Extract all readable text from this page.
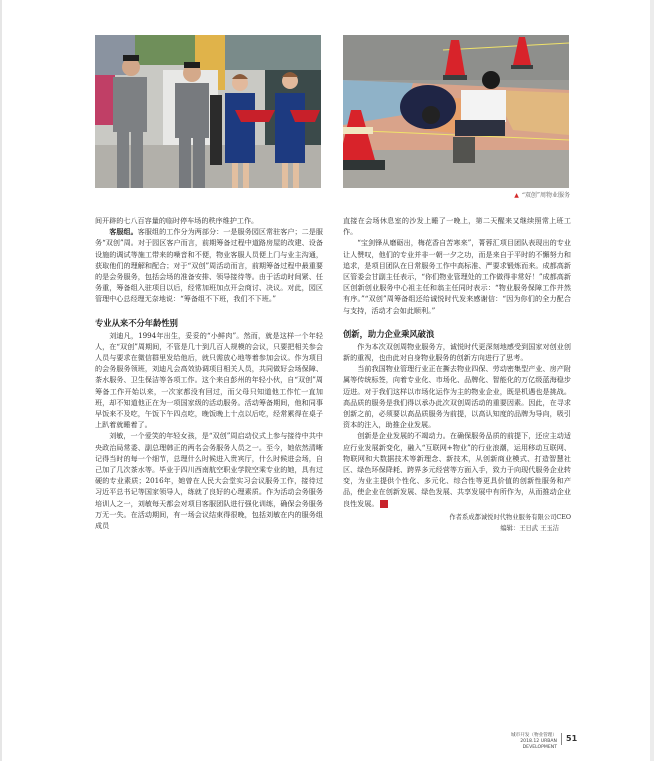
▲ “双创”周物业服务

间开辟的七八百容量的临时停车场的秩序维护工作。

客服组。客服组的工作分为两部分：一是服务园区常驻客户；二是服务“双创”周。对于园区客户而言，前期筹备过程中道路房屋的改建、设备设施的调试等施工带来的噪音和不便，物业客服人员便上门与业主沟通，获取他们的理解和配合；对于“双创”周活动而言，前期筹备过程中最重要的是会务服务，包括会场的准备安排、领导接待等。由于活动时间紧、任务重，筹备组入驻项目以后，经常加班加点开会商讨、决议。对此，园区管理中心总经理无奈地说：“筹备组不下班，我们不下班。”

专业从来不分年龄性别

刘迪凡，1994年出生，妥妥的“小鲜肉”。然而，就是这样一个年轻人，在“双创”周期间，不管是几十到几百人规模的会议，只要把相关参会人员与要求在微信群里发给他后，就只需放心地等着参加会议。作为项目的会务服务领班，刘迪凡会高效协调项目相关人员，共同做好会场保障、茶水服务、卫生保洁等各项工作。这个来自彭州的年轻小伙，自“双创”周筹备工作开始以来，一次家都没有回过，而父母只知道他工作忙一直加班，却不知道他正在为一项国家级的活动服务。活动筹备期间，他和同事早饭来不及吃，午饭下午四点吃，晚饭晚上十点以后吃，经常累得在桌子上趴着就睡着了。

刘敏，一个爱笑的年轻女孩，是“双创”周启动仪式上参与接待中共中央政治局常委、副总理韩正的两名会务服务人员之一。至今，她依然清晰记得当时的每一个细节，总理什么时候进入贵宾厅，什么时候进会场，自己加了几次茶水等。毕业于四川西南航空职业学院空乘专业的她，具有过硬的专业素质；2016年，她曾在人民大会堂实习会议服务工作，接待过习近平总书记等国家领导人，练就了良好的心理素质。作为活动会务服务培训人之一，刘敏每天都会对项目客服团队进行强化训练，确保会务服务万无一失。在活动期间，有一场会议结束得很晚，包括刘敏在内的服务组成员

直接在会场休息室的沙发上睡了一晚上，第二天醒来又继续照常上班工作。

“宝剑锋从磨砺出，梅花香自苦寒来”，菁蓉汇项目团队表现出的专业让人赞叹，他们的专业并非一朝一夕之功，而是来自于平时的不懈努力和追求，是项目团队在日常服务工作中高标准、严要求锻炼而来。成都高新区管委会甘副主任表示，“你们物业管理处的工作做得非常好！”成都高新区创新创业服务中心祖主任和翁主任同时表示：“物业服务保障工作井然有序。”“双创”周筹备组还给诚悦时代发来感谢信：“因为你们的全力配合与支持，活动才会如此顺利。”

创新，助力企业乘风破浪

作为本次双创周物业服务方，诚悦时代更深刻地感受到国家对创业创新的重视，也由此对自身物业服务的创新方向进行了思考。

当前我国物业管理行业正在撕去物业四保、劳动密集型产业、房产附属等传统标签，向着专业化、市场化、品牌化、智能化的万亿级蓝海稳步迈进。对于我们这样以市场化运作为主的物业企业，既是机遇也是挑战。高品质的服务是我们得以承办此次双创周活动的重要因素。因此，在寻求创新之前，必须要以高品质服务为前提，以高认知度的品牌为导向，吸引资本的注入，助推企业发展。

创新是企业发展的不竭动力。在确保服务品质的前提下，还应主动适应行业发展新变化，融入“互联网+物业”的行业浪潮，运用移动互联网、物联网和大数据技术等新理念、新技术，从创新商业模式、打造智慧社区、绿色环保降耗、跨界多元经营等方面入手，致力于向现代服务企业转变，为业主提供个性化、多元化、综合性等更具价值的创新性服务和产品，使企业在创新发展、绿色发展、共享发展中有所作为，从而推动企业良性发展。	城

作者系成都诚悦时代物业服务有限公司CEO

编辑：王日武 王玉洁

城市开发（物业管理）
2018.12 URBAN DEVELOPMENT
51
